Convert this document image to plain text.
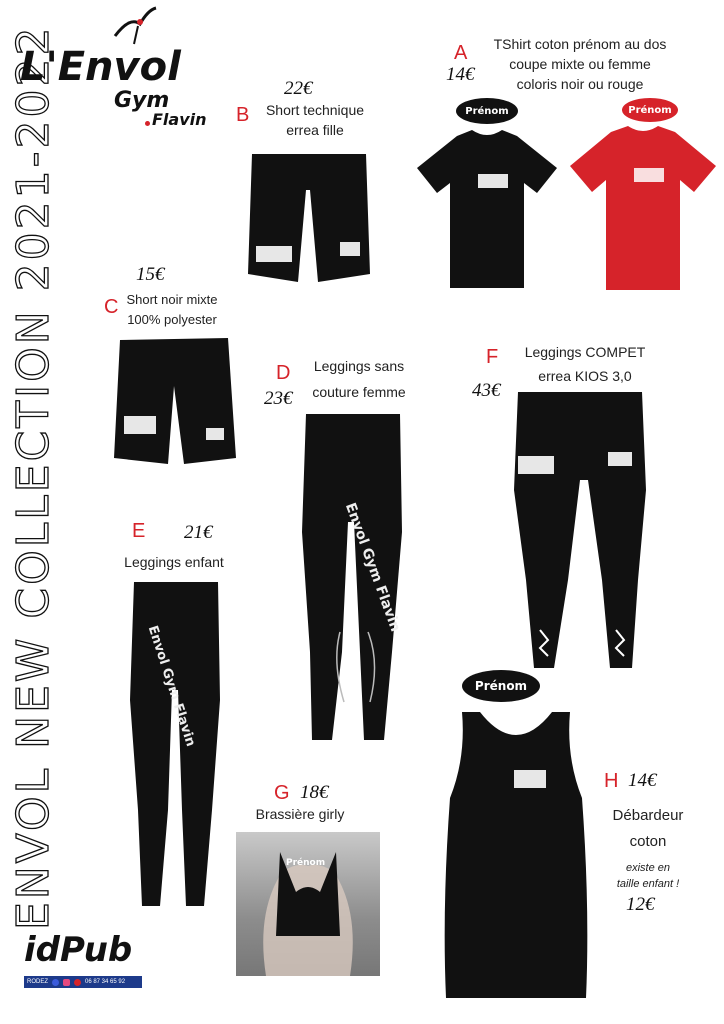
L'Envol
Gym
Flavin
ENVOL NEW COLLECTION 2021-2022	A
14€
TShirt coton prénom au dos
coupe mixte ou femme
coloris noir ou rouge
Prénom	Prénom
22€
B	Short technique
errea fille
15€
C Short noir mixte
100% polyester
D
23€
Leggings sans
couture femme
Envol Gym Flavin
F	Leggings COMPET
errea KIOS 3,0
43€
E 21€
Leggings enfant
Envol Gym Flavin
G 18€
Brassière girly
Prénom
Prénom
H 14€
Débardeur
coton
existe en
taille enfant !
12€
idPub
RODEZ	06 87 34 65 92
